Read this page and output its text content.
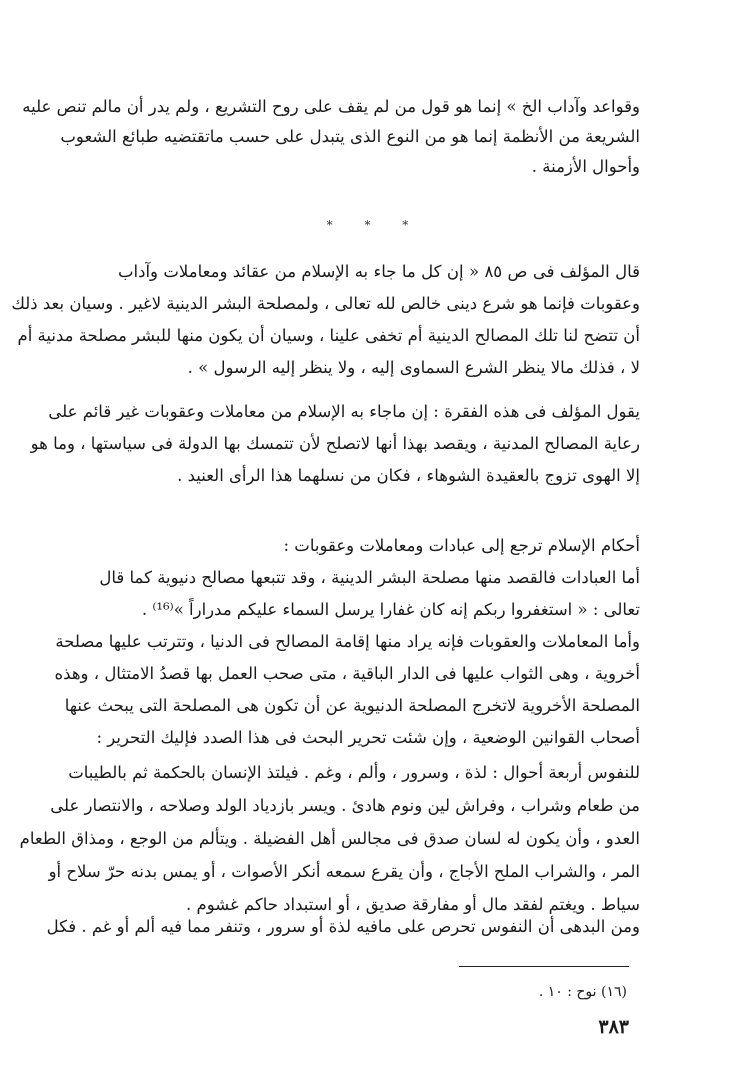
وقواعد وآداب الخ » إنما هو قول من لم يقف على روح التشريع ، ولم يدر أن مالم تنص عليه
الشريعة من الأنظمة إنما هو من النوع الذى يتبدل على حسب ماتقتضيه طبائع الشعوب
وأحوال الأزمنة .
* * *
قال المؤلف فى ص ٨٥ « إن كل ما جاء به الإسلام من عقائد ومعاملات وآداب
وعقوبات فإنما هو شرع دينى خالص لله تعالى ، ولمصلحة البشر الدينية لاغير . وسيان بعد ذلك
أن تتضح لنا تلك المصالح الدينية أم تخفى علينا ، وسيان أن يكون منها للبشر مصلحة مدنية أم
لا ، فذلك مالا ينظر الشرع السماوى إليه ، ولا ينظر إليه الرسول » .
يقول المؤلف فى هذه الفقرة : إن ماجاء به الإسلام من معاملات وعقوبات غير قائم على
رعاية المصالح المدنية ، ويقصد بهذا أنها لاتصلح لأن تتمسك بها الدولة فى سياستها ، وما هو
إلا الهوى تزوج بالعقيدة الشوهاء ، فكان من نسلهما هذا الرأى العنيد .
أحكام الإسلام ترجع إلى عبادات ومعاملات وعقوبات :
أما العبادات فالقصد منها مصلحة البشر الدينية ، وقد تتبعها مصالح دنيوية كما قال
تعالى : « استغفروا ربكم إنه كان غفارا يرسل السماء عليكم مدراراً »⁽¹⁶⁾ .
وأما المعاملات والعقوبات فإنه يراد منها إقامة المصالح فى الدنيا ، وتترتب عليها مصلحة
أخروية ، وهى الثواب عليها فى الدار الباقية ، متى صحب العمل بها قصدُ الامتثال ، وهذه
المصلحة الأخروية لاتخرج المصلحة الدنيوية عن أن تكون هى المصلحة التى يبحث عنها
أصحاب القوانين الوضعية ، وإن شئت تحرير البحث فى هذا الصدد فإليك التحرير :
للنفوس أربعة أحوال : لذة ، وسرور ، وألم ، وغم . فيلتذ الإنسان بالحكمة ثم بالطيبات
من طعام وشراب ، وفراش لين ونوم هادئ . ويسر بازدياد الولد وصلاحه ، والانتصار على
العدو ، وأن يكون له لسان صدق فى مجالس أهل الفضيلة . ويتألم من الوجع ، ومذاق الطعام
المر ، والشراب الملح الأجاج ، وأن يقرع سمعه أنكر الأصوات ، أو يمس بدنه حرّ سلاح أو
سياط . ويغتم لفقد مال أو مفارقة صديق ، أو استبداد حاكم غشوم .
ومن البدهى أن النفوس تحرص على مافيه لذة أو سرور ، وتنفر مما فيه ألم أو غم . فكل
(١٦) نوح : ١٠ .
٣٨٣
